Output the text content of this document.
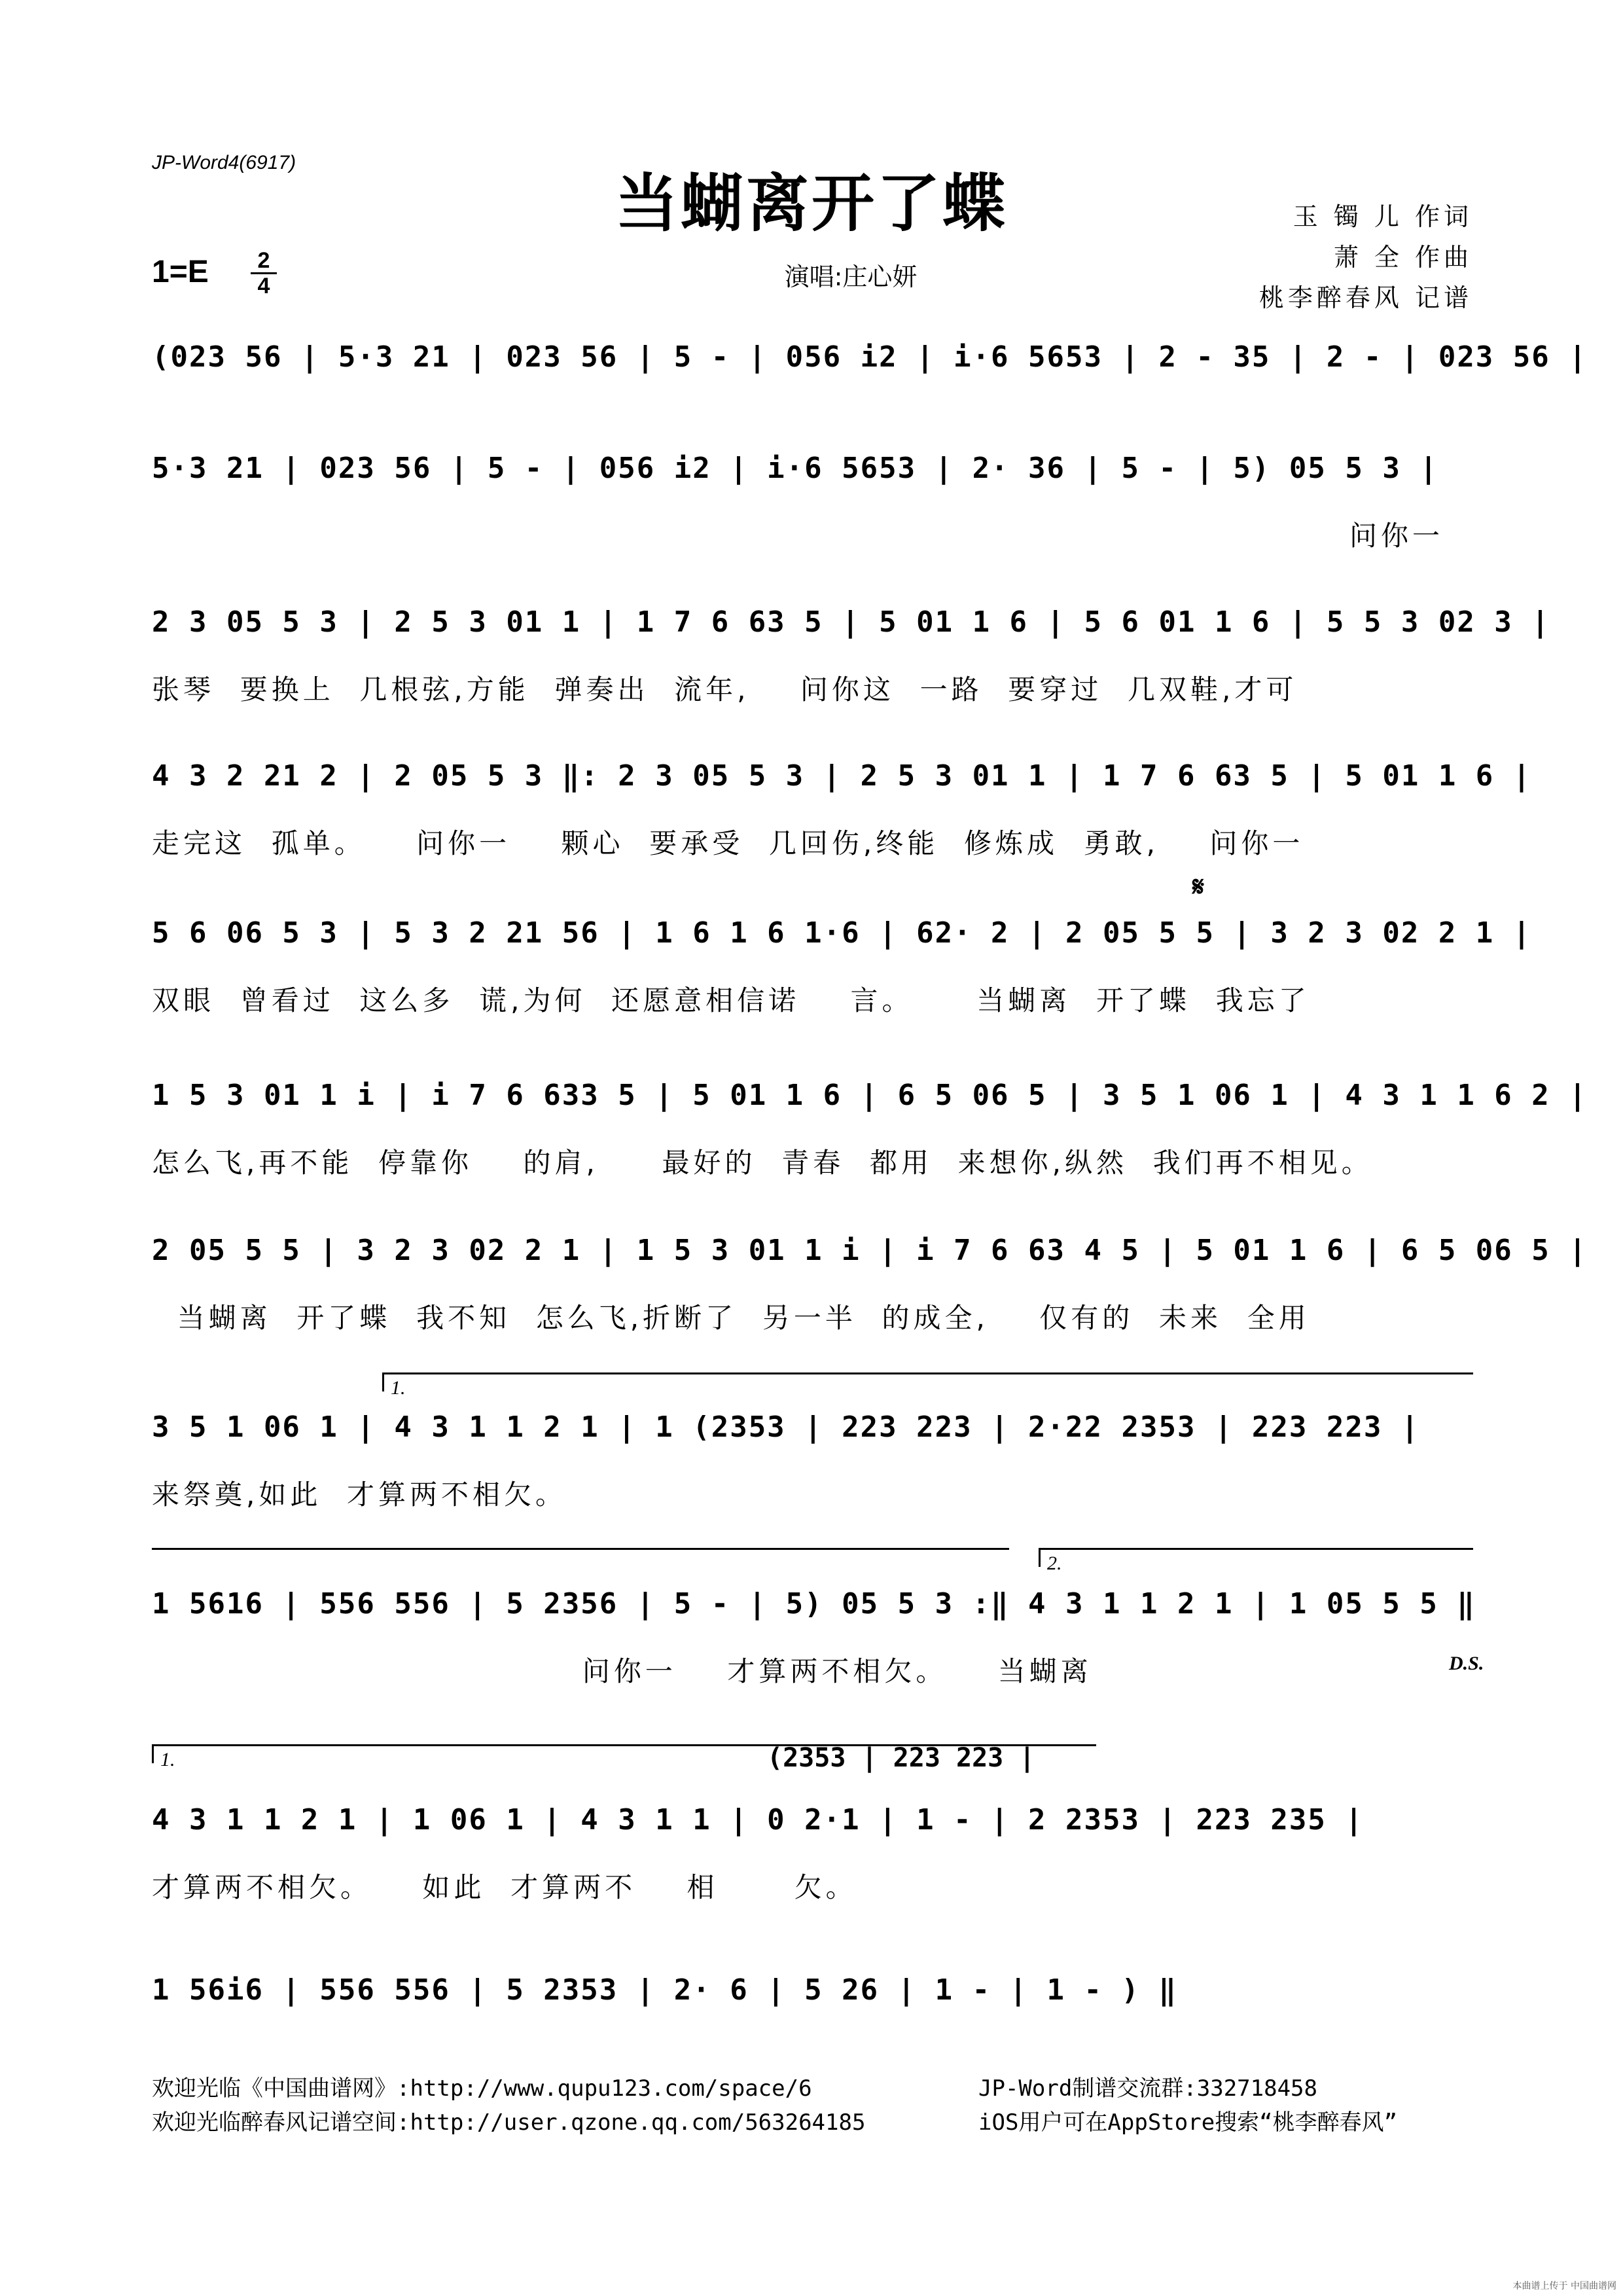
JP-Word4(6917)
当蝴离开了蝶
1=E	2
4	演唱:庄心妍
玉 镯 儿 作词
萧 全 作曲
桃李醉春风 记谱
(023 56 | 5·3 21 | 023 56 | 5 - | 056 i2 | i·6 5653 | 2 - 35 | 2 - | 023 56 |
5·3 21 | 023 56 | 5 - | 056 i2 | i·6 5653 | 2· 36 | 5 - | 5) 05 5 3 |
问你一
2 3 05 5 3 | 2 5 3 01 1 | 1 7 6 63 5 | 5 01 1 6 | 5 6 01 1 6 | 5 5 3 02 3 |
张琴  要换上  几根弦,方能  弹奏出  流年,    问你这  一路  要穿过  几双鞋,才可
4 3 2 21 2 | 2 05 5 3 ‖: 2 3 05 5 3 | 2 5 3 01 1 | 1 7 6 63 5 | 5 01 1 6 |
走完这  孤单。    问你一    颗心  要承受  几回伤,终能  修炼成  勇敢,    问你一
𝄋
5 6 06 5 3 | 5 3 2 21 56 | 1 6 1 6 1·6 | 62· 2 | 2 05 5 5 | 3 2 3 02 2 1 |
双眼  曾看过  这么多  谎,为何  还愿意相信诺    言。     当蝴离  开了蝶  我忘了
1 5 3 01 1 i | i 7 6 633 5 | 5 01 1 6 | 6 5 06 5 | 3 5 1 06 1 | 4 3 1 1 6 2 |
怎么飞,再不能  停靠你    的肩,     最好的  青春  都用  来想你,纵然  我们再不相见。
2 05 5 5 | 3 2 3 02 2 1 | 1 5 3 01 1 i | i 7 6 63 4 5 | 5 01 1 6 | 6 5 06 5 |
当蝴离  开了蝶  我不知  怎么飞,折断了  另一半  的成全,    仅有的  未来  全用
1.
3 5 1 06 1 | 4 3 1 1 2 1 | 1 (2353 | 223 223 | 2·22 2353 | 223 223 |
来祭奠,如此  才算两不相欠。
2.
1 5616 | 556 556 | 5 2356 | 5 - | 5) 05 5 3 :‖ 4 3 1 1 2 1 | 1 05 5 5 ‖
问你一    才算两不相欠。    当蝴离	D.S.
1.	(2353 | 223 223 |
4 3 1 1 2 1 | 1 06 1 | 4 3 1 1 | 0 2·1 | 1 - | 2 2353 | 223 235 |
才算两不相欠。    如此  才算两不    相      欠。
1 56i6 | 556 556 | 5 2353 | 2· 6 | 5 26 | 1 - | 1 - ) ‖
欢迎光临《中国曲谱网》:http://www.qupu123.com/space/6
欢迎光临醉春风记谱空间:http://user.qzone.qq.com/563264185
JP-Word制谱交流群:332718458
iOS用户可在AppStore搜索“桃李醉春风”
本曲谱上传于 中国曲谱网
